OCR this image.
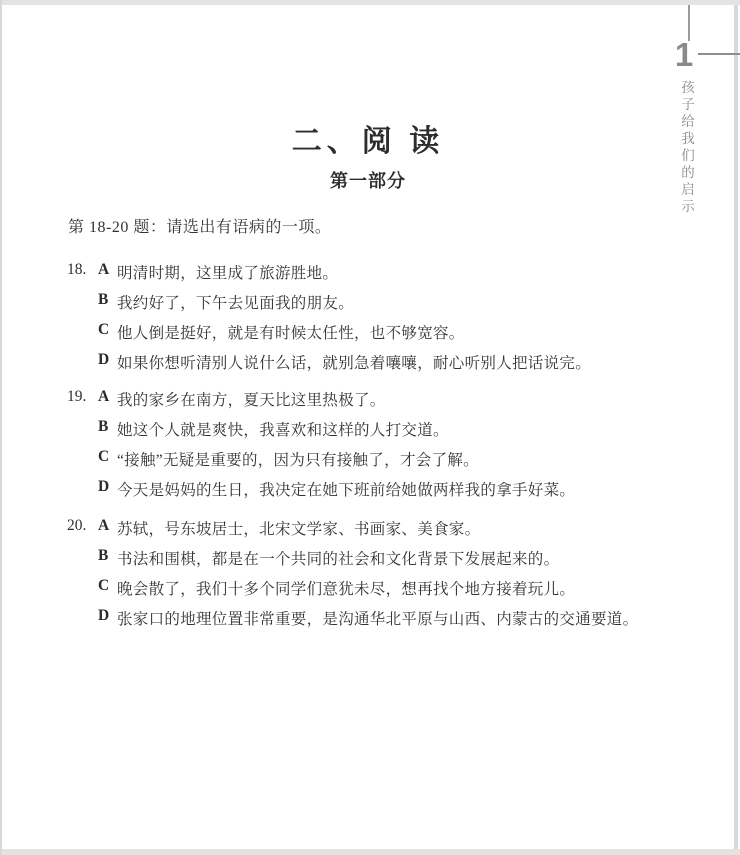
1
孩子给我们的启示
二、阅 读
第一部分
第 18-20 题：请选出有语病的一项。
18. A 明清时期，这里成了旅游胜地。
B 我约好了，下午去见面我的朋友。
C 他人倒是挺好，就是有时候太任性，也不够宽容。
D 如果你想听清别人说什么话，就别急着嚷嚷，耐心听别人把话说完。
19. A 我的家乡在南方，夏天比这里热极了。
B 她这个人就是爽快，我喜欢和这样的人打交道。
C “接触”无疑是重要的，因为只有接触了，才会了解。
D 今天是妈妈的生日，我决定在她下班前给她做两样我的拿手好菜。
20. A 苏轼，号东坡居士，北宋文学家、书画家、美食家。
B 书法和围棋，都是在一个共同的社会和文化背景下发展起来的。
C 晚会散了，我们十多个同学们意犹未尽，想再找个地方接着玩儿。
D 张家口的地理位置非常重要，是沟通华北平原与山西、内蒙古的交通要道。
